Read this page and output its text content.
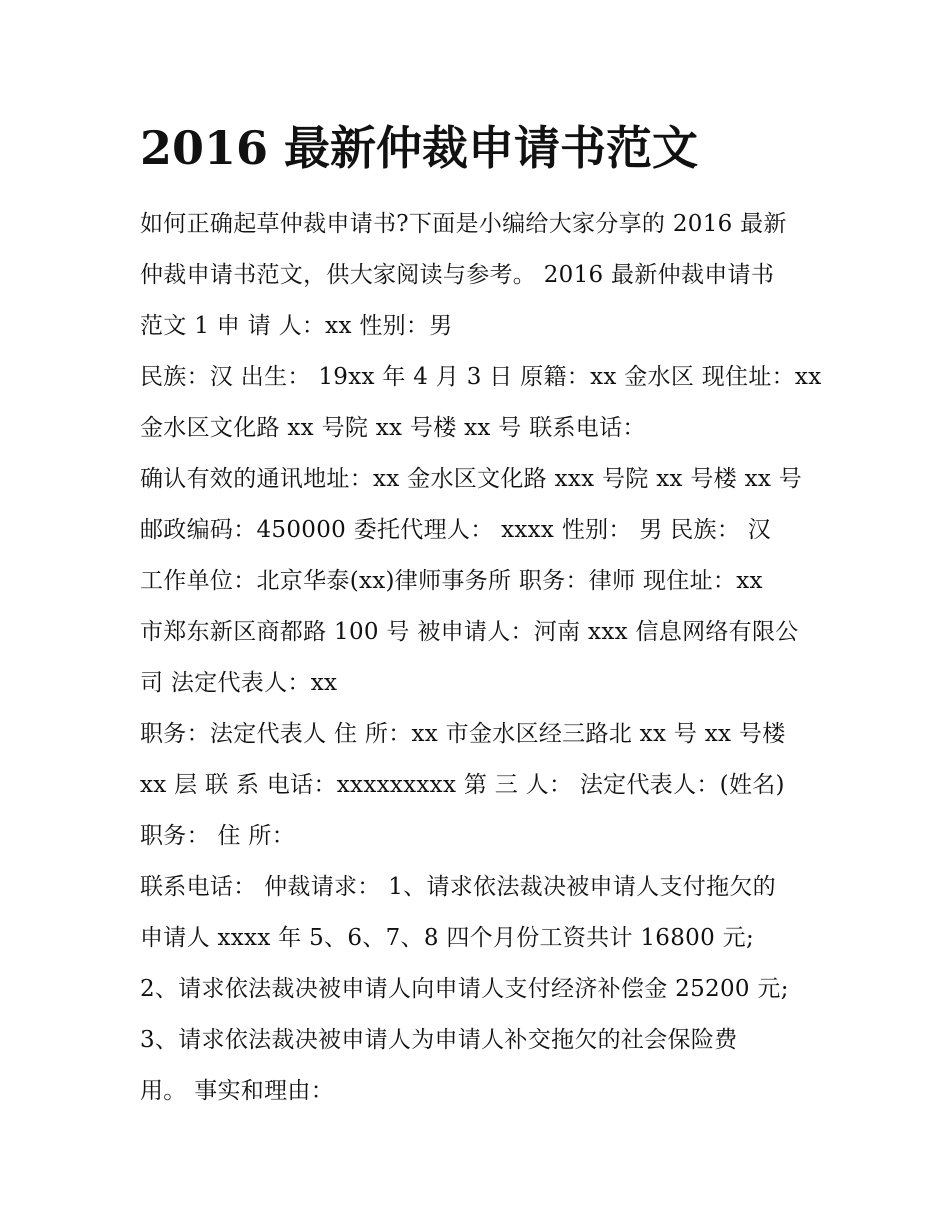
2016 最新仲裁申请书范文
如何正确起草仲裁申请书?下面是小编给大家分享的 2016 最新
仲裁申请书范文，供大家阅读与参考。 2016 最新仲裁申请书
范文 1 申 请 人：xx 性别：男
民族：汉 出生： 19xx 年 4 月 3 日 原籍：xx 金水区 现住址：xx
金水区文化路 xx 号院 xx 号楼 xx 号 联系电话：
确认有效的通讯地址：xx 金水区文化路 xxx 号院 xx 号楼 xx 号
邮政编码：450000 委托代理人： xxxx 性别： 男 民族： 汉
工作单位：北京华泰(xx)律师事务所 职务：律师 现住址：xx
市郑东新区商都路 100 号 被申请人：河南 xxx 信息网络有限公
司 法定代表人：xx
职务：法定代表人 住 所：xx 市金水区经三路北 xx 号 xx 号楼
xx 层 联 系 电话：xxxxxxxxx 第 三 人： 法定代表人：(姓名)
职务： 住 所：
联系电话： 仲裁请求： 1、请求依法裁决被申请人支付拖欠的
申请人 xxxx 年 5、6、7、8 四个月份工资共计 16800 元;
2、请求依法裁决被申请人向申请人支付经济补偿金 25200 元;
3、请求依法裁决被申请人为申请人补交拖欠的社会保险费
用。 事实和理由：
